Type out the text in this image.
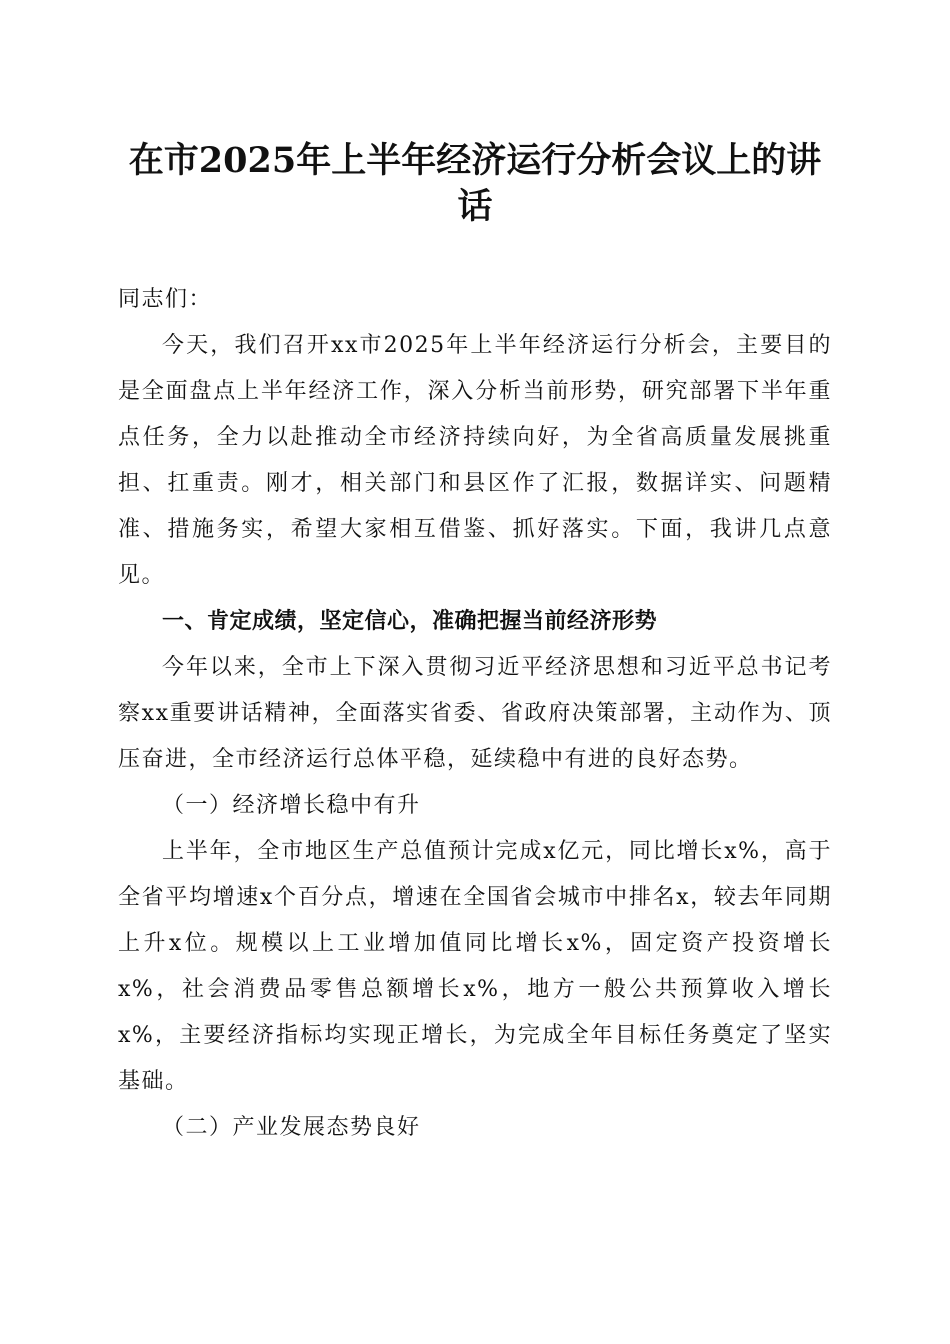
在市2025年上半年经济运行分析会议上的讲话

同志们：

今天，我们召开xx市2025年上半年经济运行分析会，主要目的是全面盘点上半年经济工作，深入分析当前形势，研究部署下半年重点任务，全力以赴推动全市经济持续向好，为全省高质量发展挑重担、扛重责。刚才，相关部门和县区作了汇报，数据详实、问题精准、措施务实，希望大家相互借鉴、抓好落实。下面，我讲几点意见。

一、肯定成绩，坚定信心，准确把握当前经济形势

今年以来，全市上下深入贯彻习近平经济思想和习近平总书记考察xx重要讲话精神，全面落实省委、省政府决策部署，主动作为、顶压奋进，全市经济运行总体平稳，延续稳中有进的良好态势。

（一）经济增长稳中有升

上半年，全市地区生产总值预计完成x亿元，同比增长x%，高于全省平均增速x个百分点，增速在全国省会城市中排名x，较去年同期上升x位。规模以上工业增加值同比增长x%，固定资产投资增长x%，社会消费品零售总额增长x%，地方一般公共预算收入增长x%，主要经济指标均实现正增长，为完成全年目标任务奠定了坚实基础。

（二）产业发展态势良好
